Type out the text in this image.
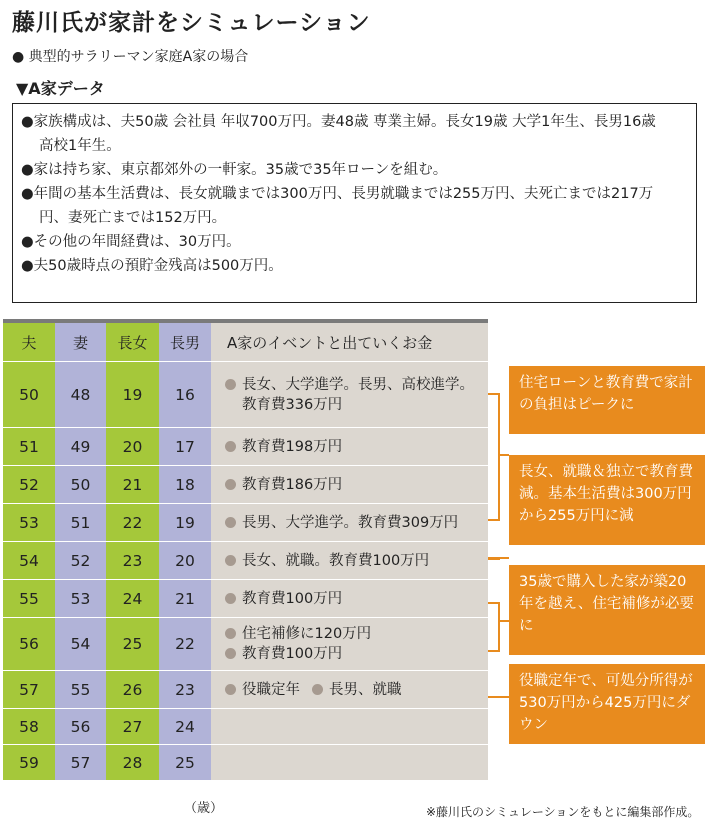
藤川氏が家計をシミュレーション
● 典型的サラリーマン家庭A家の場合
▼A家データ

●家族構成は、夫50歳 会社員 年収700万円。妻48歳 専業主婦。長女19歳 大学1年生、長男16歳

高校1年生。

●家は持ち家、東京都郊外の一軒家。35歳で35年ローンを組む。

●年間の基本生活費は、長女就職までは300万円、長男就職までは255万円、夫死亡までは217万

円、妻死亡までは152万円。

●その他の年間経費は、30万円。

●夫50歳時点の預貯金残高は500万円。

夫	妻	長女	長男	A家のイベントと出ていくお金
50	48	19	16	長女、大学進学。長男、高校進学。
教育費336万円

51	49	20	17	教育費198万円

52	50	21	18	教育費186万円

53	51	22	19	長男、大学進学。教育費309万円

54	52	23	20	長女、就職。教育費100万円

55	53	24	21	教育費100万円

56	54	25	22	住宅補修に120万円
教育費100万円

57	55	26	23	役職定年 長男、就職
58	56	27	24	
59	57	28	25	
住宅ローンと教育費で家計の負担はピークに
長女、就職＆独立で教育費減。基本生活費は300万円から255万円に減
35歳で購入した家が築20年を越え、住宅補修が必要に
役職定年で、可処分所得が530万円から425万円にダウン
（歳）	※藤川氏のシミュレーションをもとに編集部作成。
